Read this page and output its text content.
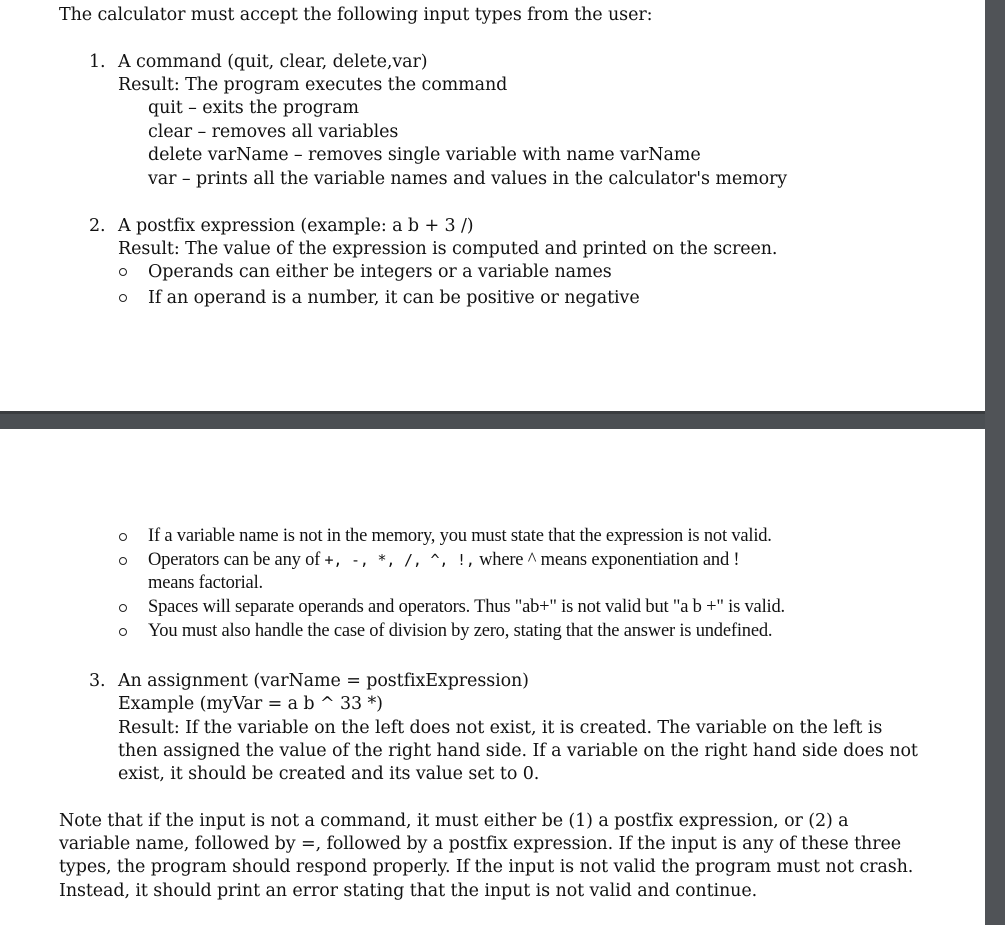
The calculator must accept the following input types from the user:
1. A command (quit, clear, delete,var)
Result: The program executes the command
quit – exits the program
clear – removes all variables
delete varName – removes single variable with name varName
var – prints all the variable names and values in the calculator's memory
2. A postfix expression (example: a b + 3 /)
Result: The value of the expression is computed and printed on the screen.
Operands can either be integers or a variable names
If an operand is a number, it can be positive or negative
If a variable name is not in the memory, you must state that the expression is not valid.
Operators can be any of +, -, *, /, ^, !, where ^ means exponentiation and !
means factorial.
Spaces will separate operands and operators. Thus "ab+" is not valid but "a b +" is valid.
You must also handle the case of division by zero, stating that the answer is undefined.
3. An assignment (varName = postfixExpression)
Example (myVar = a b ^ 33 *)
Result: If the variable on the left does not exist, it is created. The variable on the left is
then assigned the value of the right hand side. If a variable on the right hand side does not
exist, it should be created and its value set to 0.
Note that if the input is not a command, it must either be (1) a postfix expression, or (2) a
variable name, followed by =, followed by a postfix expression. If the input is any of these three
types, the program should respond properly. If the input is not valid the program must not crash.
Instead, it should print an error stating that the input is not valid and continue.
